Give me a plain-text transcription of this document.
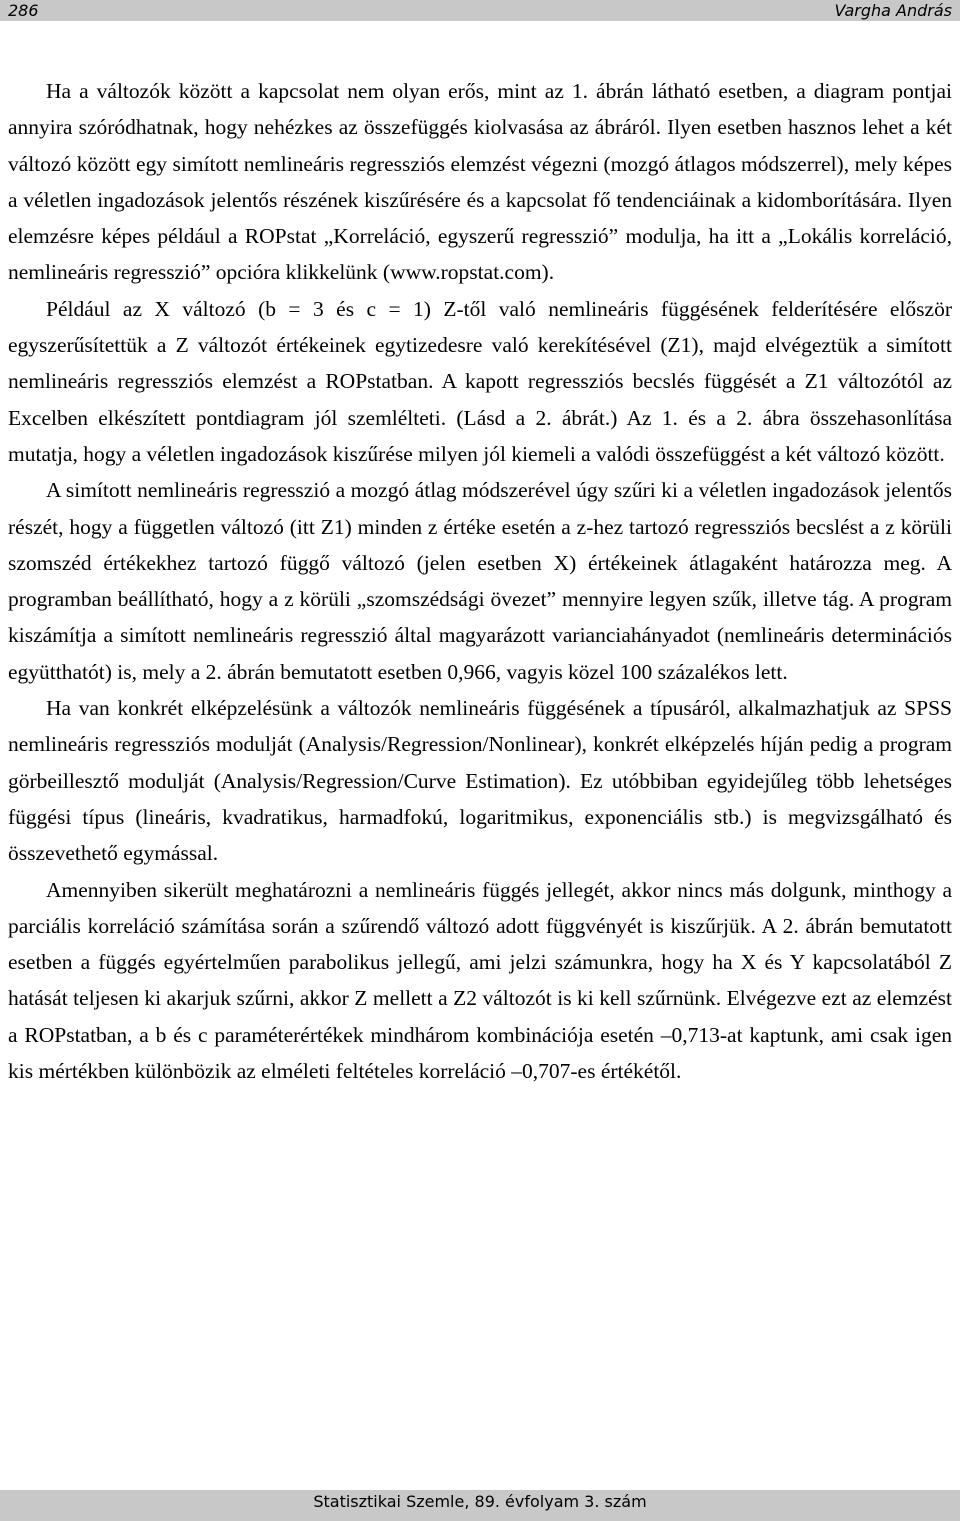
286	Vargha András

Ha a változók között a kapcsolat nem olyan erős, mint az 1. ábrán látható esetben, a diagram pontjai annyira szóródhatnak, hogy nehézkes az összefüggés kiolvasása az ábráról. Ilyen esetben hasznos lehet a két változó között egy simított nemlineáris regressziós elemzést végezni (mozgó átlagos módszerrel), mely képes a véletlen ingadozások jelentős részének kiszűrésére és a kapcsolat fő tendenciáinak a kidomborítására. Ilyen elemzésre képes például a ROPstat „Korreláció, egyszerű regresszió” modulja, ha itt a „Lokális korreláció, nemlineáris regresszió” opcióra klikkelünk (www.ropstat.com).

Például az X változó (b = 3 és c = 1) Z-től való nemlineáris függésének felderítésére először egyszerűsítettük a Z változót értékeinek egytizedesre való kerekítésével (Z1), majd elvégeztük a simított nemlineáris regressziós elemzést a ROPstatban. A kapott regressziós becslés függését a Z1 változótól az Excelben elkészített pontdiagram jól szemlélteti. (Lásd a 2. ábrát.) Az 1. és a 2. ábra összehasonlítása mutatja, hogy a véletlen ingadozások kiszűrése milyen jól kiemeli a valódi összefüggést a két változó között.

A simított nemlineáris regresszió a mozgó átlag módszerével úgy szűri ki a véletlen ingadozások jelentős részét, hogy a független változó (itt Z1) minden z értéke esetén a z-hez tartozó regressziós becslést a z körüli szomszéd értékekhez tartozó függő változó (jelen esetben X) értékeinek átlagaként határozza meg. A programban beállítható, hogy a z körüli „szomszédsági övezet” mennyire legyen szűk, illetve tág. A program kiszámítja a simított nemlineáris regresszió által magyarázott varianciahányadot (nemlineáris determinációs együtthatót) is, mely a 2. ábrán bemutatott esetben 0,966, vagyis közel 100 százalékos lett.

Ha van konkrét elképzelésünk a változók nemlineáris függésének a típusáról, alkalmazhatjuk az SPSS nemlineáris regressziós modulját (Analysis/Regression/Nonlinear), konkrét elképzelés híján pedig a program görbeillesztő modulját (Analysis/Regression/Curve Estimation). Ez utóbbiban egyidejűleg több lehetséges függési típus (lineáris, kvadratikus, harmadfokú, logaritmikus, exponenciális stb.) is megvizsgálható és összevethető egymással.

Amennyiben sikerült meghatározni a nemlineáris függés jellegét, akkor nincs más dolgunk, minthogy a parciális korreláció számítása során a szűrendő változó adott függvényét is kiszűrjük. A 2. ábrán bemutatott esetben a függés egyértelműen parabolikus jellegű, ami jelzi számunkra, hogy ha X és Y kapcsolatából Z hatását teljesen ki akarjuk szűrni, akkor Z mellett a Z2 változót is ki kell szűrnünk. Elvégezve ezt az elemzést a ROPstatban, a b és c paraméterértékek mindhárom kombinációja esetén –0,713-at kaptunk, ami csak igen kis mértékben különbözik az elméleti feltételes korreláció –0,707-es értékétől.

Statisztikai Szemle, 89. évfolyam 3. szám
